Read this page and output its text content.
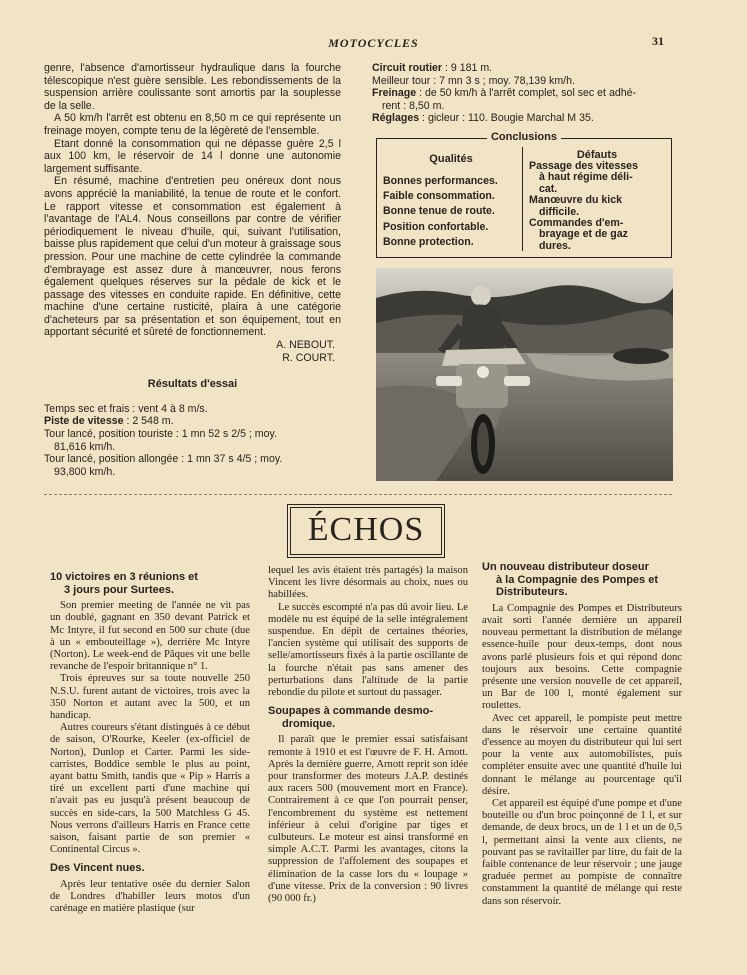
MOTOCYCLES	31

genre, l'absence d'amortisseur hydraulique dans la fourche télescopique n'est guère sensible. Les rebondissements de la suspension arrière coulissante sont amortis par la souplesse de la selle.

A 50 km/h l'arrêt est obtenu en 8,50 m ce qui représente un freinage moyen, compte tenu de la légèreté de l'ensemble.

Etant donné la consommation qui ne dépasse guère 2,5 l aux 100 km, le réservoir de 14 l donne une autonomie largement suffisante.

En résumé, machine d'entretien peu onéreux dont nous avons apprécié la maniabilité, la tenue de route et le confort. Le rapport vitesse et consommation est également à l'avantage de l'AL4. Nous conseillons par contre de vérifier périodiquement le niveau d'huile, qui, suivant l'utilisation, baisse plus rapidement que celui d'un moteur à graissage sous pression. Pour une machine de cette cylindrée la commande d'embrayage est assez dure à manœuvrer, nous ferons également quelques réserves sur la pédale de kick et le passage des vitesses en conduite rapide. En définitive, cette machine d'une certaine rusticité, plaira à une catégorie d'acheteurs par sa présentation et son équipement, tout en apportant sécurité et sûreté de fonctionnement.

A. NEBOUT.
R. COURT.
Résultats d'essai
Temps sec et frais : vent 4 à 8 m/s.
Piste de vitesse : 2 548 m.
Tour lancé, position touriste : 1 mn 52 s 2/5 ; moy.
81,616 km/h.
Tour lancé, position allongée : 1 mn 37 s 4/5 ; moy.
93,800 km/h.
Circuit routier : 9 181 m.
Meilleur tour : 7 mn 3 s ; moy. 78,139 km/h.
Freinage : de 50 km/h à l'arrêt complet, sol sec et adhé-
rent : 8,50 m.
Réglages : gicleur : 110. Bougie Marchal M 35.
Conclusions
Qualités
Bonnes performances.
Faible consommation.
Bonne tenue de route.
Position confortable.
Bonne protection.
Défauts
Passage des vitesses
à haut régime déli-
cat.
Manœuvre du kick
difficile.
Commandes d'em-
brayage et de gaz
dures.
ÉCHOS
10 victoires en 3 réunions et
3 jours pour Surtees.

Son premier meeting de l'année ne vit pas un doublé, gagnant en 350 devant Patrick et Mc Intyre, il fut second en 500 sur chute (due à un « embouteillage »), derrière Mc Intyre (Norton). Le week-end de Pâques vit une belle revanche de l'espoir britannique n° 1.

Trois épreuves sur sa toute nouvelle 250 N.S.U. furent autant de victoires, trois avec la 350 Norton et autant avec la 500, et un handicap.

Autres coureurs s'étant distingués à ce début de saison, O'Rourke, Keeler (ex-officiel de Norton), Dunlop et Carter. Parmi les side-carristes, Boddice semble le plus au point, ayant battu Smith, tandis que « Pip » Harris a tiré un excellent parti d'une machine qui n'avait pas eu jusqu'à présent beaucoup de succès en side-cars, la 500 Matchless G 45. Nous verrons d'ailleurs Harris en France cette saison, faisant partie de son premier « Continental Circus ».

Des Vincent nues.

Après leur tentative osée du dernier Salon de Londres d'habiller leurs motos d'un carénage en matière plastique (sur

lequel les avis étaient très partagés) la maison Vincent les livre désormais au choix, nues ou habillées.

Le succès escompté n'a pas dû avoir lieu. Le modèle nu est équipé de la selle intégralement suspendue. En dépit de certaines théories, l'ancien système qui utilisait des supports de selle/amortisseurs fixés à la partie oscillante de la fourche n'était pas sans amener des perturbations dans l'altitude de la partie rebondie du pilote et surtout du passager.

Soupapes à commande desmo-
dromique.

Il paraît que le premier essai satisfaisant remonte à 1910 et est l'œuvre de F. H. Arnott. Après la dernière guerre, Arnott reprit son idée pour transformer des moteurs J.A.P. destinés aux racers 500 (mouvement mort en France). Contrairement à ce que l'on pourrait penser, l'encombrement du système est nettement inférieur à celui d'origine par tiges et culbuteurs. Le moteur est ainsi transformé en simple A.C.T. Parmi les avantages, citons la suppression de l'affolement des soupapes et élimination de la casse lors du « loupage » d'une vitesse. Prix de la conversion : 90 livres (90 000 fr.)

Un nouveau distributeur doseur
à la Compagnie des Pompes et
Distributeurs.

La Compagnie des Pompes et Distributeurs avait sorti l'année dernière un appareil nouveau permettant la distribution de mélange essence-huile pour deux-temps, dont nous avons parlé plusieurs fois et qui répond donc toujours aux besoins. Cette compagnie présente une version nouvelle de cet appareil, un Bar de 100 l, monté également sur roulettes.

Avec cet appareil, le pompiste peut mettre dans le réservoir une certaine quantité d'essence au moyen du distributeur qui lui sert pour la vente aux automobilistes, puis compléter ensuite avec une quantité d'huile lui donnant le mélange au pourcentage qu'il désire.

Cet appareil est équipé d'une pompe et d'une bouteille ou d'un broc poinçonné de 1 l, et sur demande, de deux brocs, un de 1 l et un de 0,5 l, permettant ainsi la vente aux clients, ne pouvant pas se ravitailler par litre, du fait de la faible contenance de leur réservoir ; une jauge graduée permet au pompiste de connaître constamment la quantité de mélange qui reste dans son réservoir.
